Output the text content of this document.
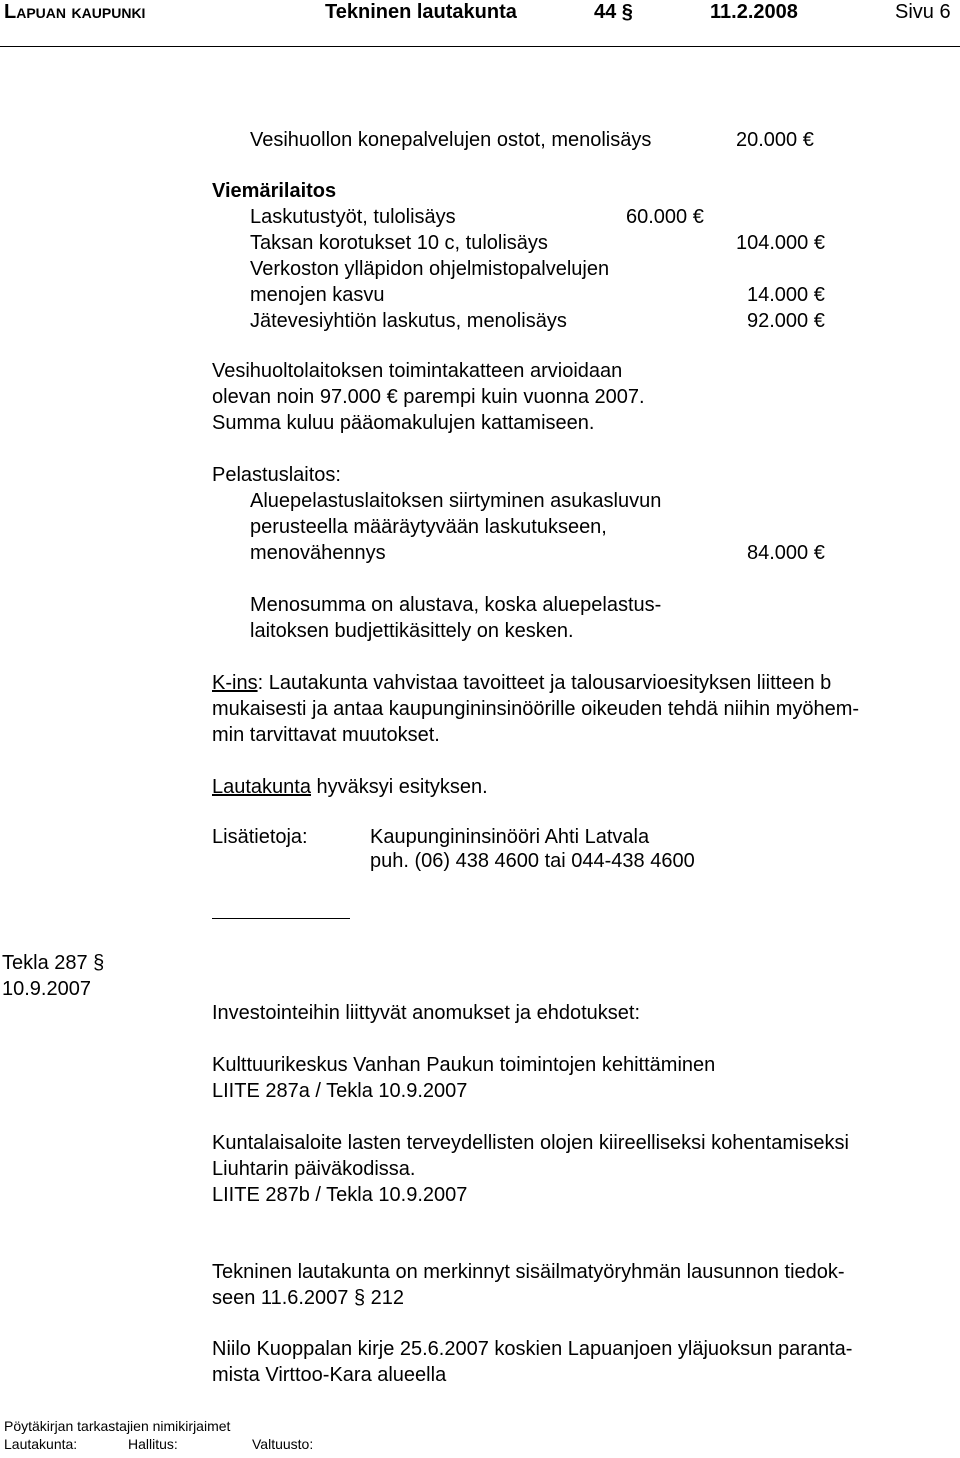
Lapuan kaupunki	Tekninen lautakunta	44 §	11.2.2008	Sivu 6
Vesihuollon konepalvelujen ostot, menolisäys	20.000 €
Viemärilaitos
Laskutustyöt, tulolisäys	60.000 €
Taksan korotukset 10 c, tulolisäys	104.000 €
Verkoston ylläpidon ohjelmistopalvelujen
menojen kasvu	14.000 €
Jätevesiyhtiön laskutus, menolisäys	92.000 €
Vesihuoltolaitoksen toimintakatteen arvioidaan
olevan noin 97.000 € parempi kuin vuonna 2007.
Summa kuluu pääomakulujen kattamiseen.
Pelastuslaitos:
Aluepelastuslaitoksen siirtyminen asukasluvun
perusteella määräytyvään laskutukseen,
menovähennys	84.000 €
Menosumma on alustava, koska aluepelastus-
laitoksen budjettikäsittely on kesken.
K-ins: Lautakunta vahvistaa tavoitteet ja talousarvioesityksen liitteen b
mukaisesti ja antaa kaupungininsinöörille oikeuden tehdä niihin myöhem-
min tarvittavat muutokset.
Lautakunta hyväksyi esityksen.
Lisätietoja:	Kaupungininsinööri Ahti Latvala
puh. (06) 438 4600 tai 044-438 4600
Tekla 287 §
10.9.2007
Investointeihin liittyvät anomukset ja ehdotukset:
Kulttuurikeskus Vanhan Paukun toimintojen kehittäminen
LIITE 287a / Tekla 10.9.2007
Kuntalaisaloite lasten terveydellisten olojen kiireelliseksi kohentamiseksi
Liuhtarin päiväkodissa.
LIITE 287b / Tekla 10.9.2007
Tekninen lautakunta on merkinnyt sisäilmatyöryhmän lausunnon tiedok-
seen 11.6.2007 § 212
Niilo Kuoppalan kirje 25.6.2007 koskien Lapuanjoen yläjuoksun paranta-
mista Virttoo-Kara alueella
Pöytäkirjan tarkastajien nimikirjaimet
Lautakunta:	Hallitus:	Valtuusto:
